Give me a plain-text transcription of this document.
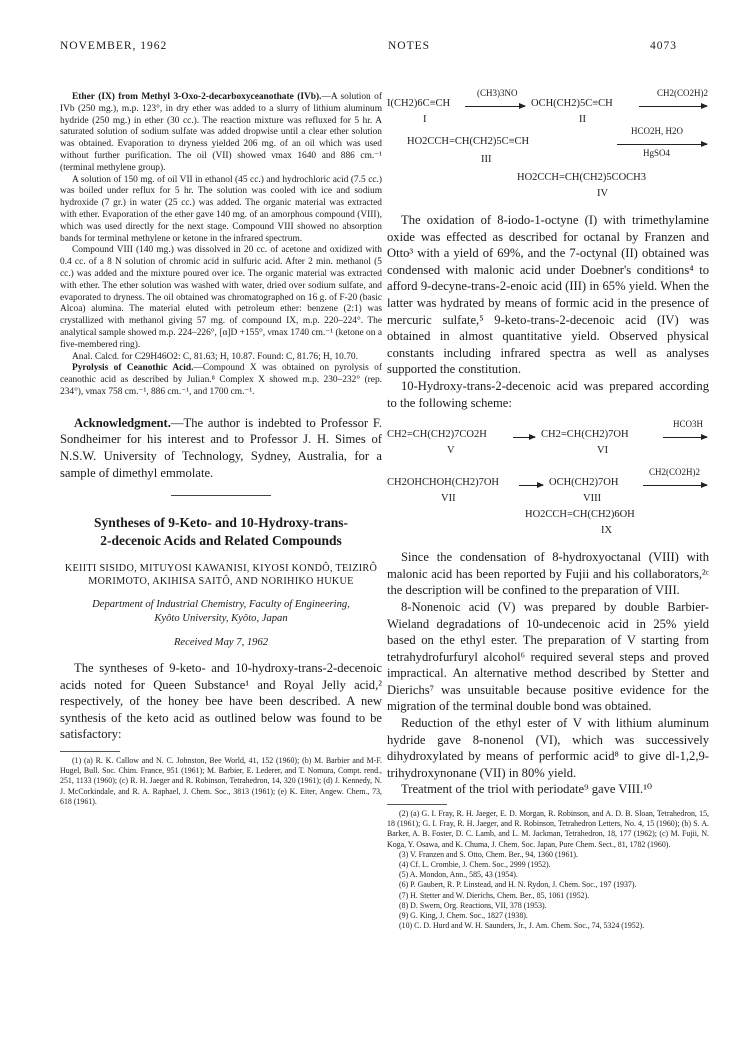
NOVEMBER, 1962	NOTES	4073

Ether (IX) from Methyl 3-Oxo-2-decarboxyceanothate (IVb).—A solution of IVb (250 mg.), m.p. 123°, in dry ether was added to a slurry of lithium aluminum hydride (250 mg.) in ether (30 cc.). The reaction mixture was refluxed for 5 hr. A saturated solution of sodium sulfate was added dropwise until a clear ether solution was obtained. Evaporation to dryness yielded 206 mg. of an oil which was used without further purification. The oil (VII) showed νmax 1640 and 886 cm.⁻¹ (terminal methylene group).

A solution of 150 mg. of oil VII in ethanol (45 cc.) and hydrochloric acid (7.5 cc.) was boiled under reflux for 5 hr. The solution was cooled with ice and sodium hydroxide (7 gr.) in water (25 cc.) was added. The organic material was extracted with ether. Evaporation of the ether gave 140 mg. of an amorphous compound (VIII), which was used directly for the next stage. Compound VIII showed no absorption bands for terminal methylene or ketone in the infrared spectrum.

Compound VIII (140 mg.) was dissolved in 20 cc. of acetone and oxidized with 0.4 cc. of a 8 N solution of chromic acid in sulfuric acid. After 2 min. methanol (5 cc.) was added and the mixture poured over ice. The organic material was extracted with ether. The ether solution was washed with water, dried over sodium sulfate, and evaporated to dryness. The oil obtained was chromatographed on 16 g. of F-20 (basic Alcoa) alumina. The material eluted with petroleum ether: benzene (2:1) was crystallized with methanol giving 57 mg. of compound IX, m.p. 220–224°. The analytical sample showed m.p. 224–226°, [α]D +155°, νmax 1740 cm.⁻¹ (ketone on a five-membered ring).

Anal. Calcd. for C29H46O2: C, 81.63; H, 10.87. Found: C, 81.76; H, 10.70.

Pyrolysis of Ceanothic Acid.—Compound X was obtained on pyrolysis of ceanothic acid as described by Julian.⁸ Complex X showed m.p. 230–232° (rep. 234°), νmax 758 cm.⁻¹, 886 cm.⁻¹, and 1700 cm.⁻¹.

Acknowledgment.—The author is indebted to Professor F. Sondheimer for his interest and to Professor J. H. Simes of N.S.W. University of Technology, Sydney, Australia, for a sample of dimethyl emmolate.

Syntheses of 9-Keto- and 10-Hydroxy-trans-
2-decenoic Acids and Related Compounds
KEIITI SISIDO, MITUYOSI KAWANISI, KIYOSI KONDÔ, TEIZIRÔ
MORIMOTO, AKIHISA SAITÔ, AND NORIHIKO HUKUE
Department of Industrial Chemistry, Faculty of Engineering,
Kyôto University, Kyôto, Japan
Received May 7, 1962

The syntheses of 9-keto- and 10-hydroxy-trans-2-decenoic acids noted for Queen Substance¹ and Royal Jelly acid,² respectively, of the honey bee have been described. A new synthesis of the keto acid as outlined below was found to be satisfactory:

(1) (a) R. K. Callow and N. C. Johnston, Bee World, 41, 152 (1960); (b) M. Barbier and M-F. Hugel, Bull. Soc. Chim. France, 951 (1961); M. Barbier, E. Lederer, and T. Nomura, Compt. rend., 251, 1133 (1960); (c) R. H. Jaeger and R. Robinson, Tetrahedron, 14, 320 (1961); (d) J. Kennedy, N. J. McCorkindale, and R. A. Raphael, J. Chem. Soc., 3813 (1961); (e) K. Eiter, Angew. Chem., 73, 618 (1961).

I(CH2)6C≡CH
(CH3)3NO
OCH(CH2)5C≡CH
CH2(CO2H)2
I	II
HO2CCH=CH(CH2)5C≡CH
HCO2H, H2O
HgSO4
III
HO2CCH=CH(CH2)5COCH3
IV

The oxidation of 8-iodo-1-octyne (I) with trimethylamine oxide was effected as described for octanal by Franzen and Otto³ with a yield of 69%, and the 7-octynal (II) obtained was condensed with malonic acid under Doebner's conditions⁴ to afford 9-decyne-trans-2-enoic acid (III) in 65% yield. When the latter was hydrated by means of formic acid in the presence of mercuric sulfate,⁵ 9-keto-trans-2-decenoic acid (IV) was obtained in almost quantitative yield. Observed physical constants including infrared spectra as well as analyses supported the constitution.

10-Hydroxy-trans-2-decenoic acid was prepared according to the following scheme:

CH2=CH(CH2)7CO2H → CH2=CH(CH2)7OH
HCO3H
V	VI
CH2OHCHOH(CH2)7OH → OCH(CH2)7OH
CH2(CO2H)2
VII	VIII
HO2CCH=CH(CH2)6OH
IX

Since the condensation of 8-hydroxyoctanal (VIII) with malonic acid has been reported by Fujii and his collaborators,²ᶜ the description will be confined to the preparation of VIII.

8-Nonenoic acid (V) was prepared by double Barbier-Wieland degradations of 10-undecenoic acid in 25% yield based on the ethyl ester. The preparation of V starting from tetrahydrofurfuryl alcohol⁶ required several steps and proved impractical. An alternative method described by Stetter and Dierichs⁷ was unsuitable because positive evidence for the migration of the terminal double bond was obtained.

Reduction of the ethyl ester of V with lithium aluminum hydride gave 8-nonenol (VI), which was successively dihydroxylated by means of performic acid⁸ to give dl-1,2,9-trihydroxynonane (VII) in 80% yield.

Treatment of the triol with periodate⁹ gave VIII.¹⁰

(2) (a) G. I. Fray, R. H. Jaeger, E. D. Morgan, R. Robinson, and A. D. B. Sloan, Tetrahedron, 15, 18 (1961); G. I. Fray, R. H. Jaeger, and R. Robinson, Tetrahedron Letters, No. 4, 15 (1960); (b) S. A. Barker, A. B. Foster, D. C. Lamb, and L. M. Jackman, Tetrahedron, 18, 177 (1962); (c) M. Fujii, N. Koga, Y. Osawa, and K. Chuma, J. Chem. Soc. Japan, Pure Chem. Sect., 81, 1782 (1960).

(3) V. Franzen and S. Otto, Chem. Ber., 94, 1360 (1961).

(4) Cf. L. Crombie, J. Chem. Soc., 2999 (1952).

(5) A. Mondon, Ann., 585, 43 (1954).

(6) P. Gaubert, R. P. Linstead, and H. N. Rydon, J. Chem. Soc., 197 (1937).

(7) H. Stetter and W. Dierichs, Chem. Ber., 85, 1061 (1952).

(8) D. Swern, Org. Reactions, VII, 378 (1953).

(9) G. King, J. Chem. Soc., 1827 (1938).

(10) C. D. Hurd and W. H. Saunders, Jr., J. Am. Chem. Soc., 74, 5324 (1952).
